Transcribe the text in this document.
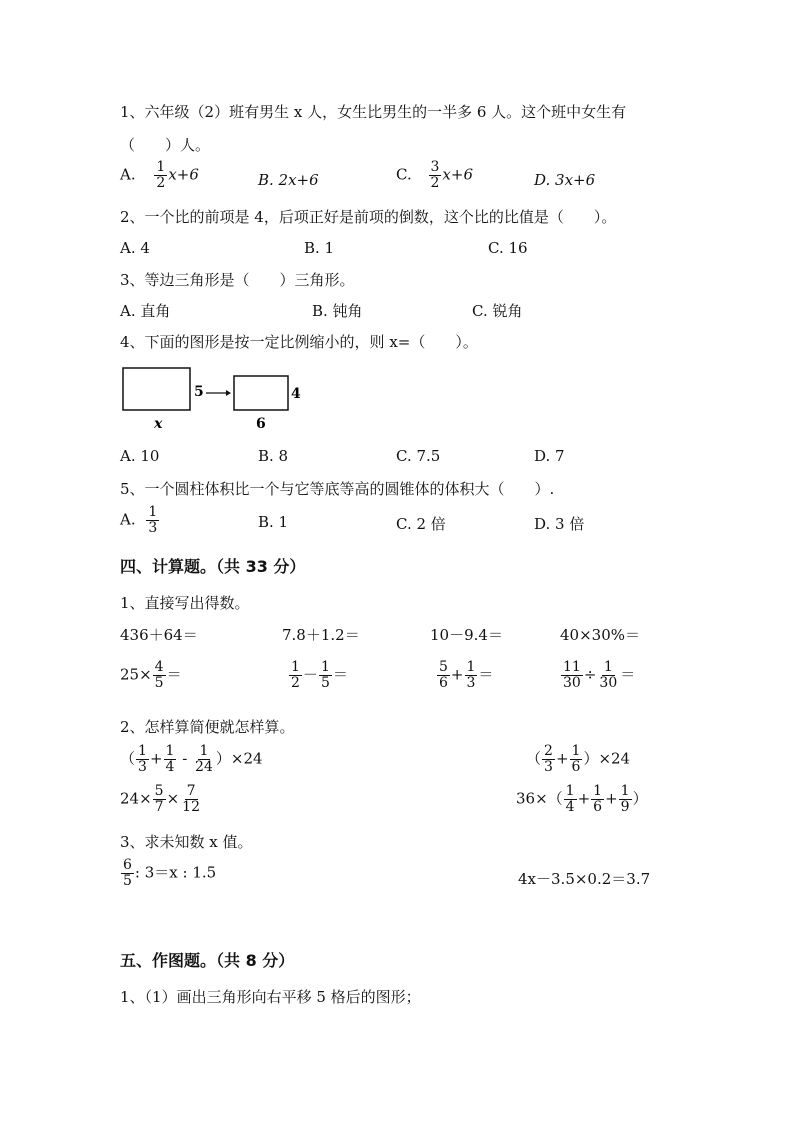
1、六年级（2）班有男生 x 人，女生比男生的一半多 6 人。这个班中女生有
（　　）人。
A. $\frac{1}{2} x+6$	B. 2x+6	C. $\frac{3}{2} x+6$	D. 3x+6
2、一个比的前项是 4，后项正好是前项的倒数，这个比的比值是（　　）。
A. 4	B. 1	C. 16
3、等边三角形是（　　）三角形。
A. 直角	B. 钝角	C. 锐角
4、下面的图形是按一定比例缩小的，则 x=（　　）。
5	4
x	6
A. 10	B. 8	C. 7.5	D. 7
5、一个圆柱体积比一个与它等底等高的圆锥体的体积大（　　）.
A. $\frac{1}{3}$	B. 1	C. 2 倍	D. 3 倍
四、计算题。（共 33 分）
1、直接写出得数。
436＋64＝	7.8＋1.2＝	10－9.4＝	40×30%＝
$25\times \frac{4}{5}$ ＝	$\frac{1}{2} - \frac{1}{5}$ ＝	$\frac{5}{6} + \frac{1}{3}$ ＝	$\frac{11}{30} \div \frac{1}{30}$ ＝
2、怎样算简便就怎样算。
（ $\frac{1}{3} + \frac{1}{4} - \frac{1}{24} )\times 24$	（ $\frac{2}{3} + \frac{1}{6} )\times 24$
$24\times \frac{5}{7} \times \frac{7}{12}$	$36\times( \frac{1}{4} + \frac{1}{6} + \frac{1}{9}$ ）
3、求未知数 x 值。
$\frac{6}{5}$ : 3＝x : 1.5	4x－3.5×0.2＝3.7
五、作图题。（共 8 分）
1、（1）画出三角形向右平移 5 格后的图形；
